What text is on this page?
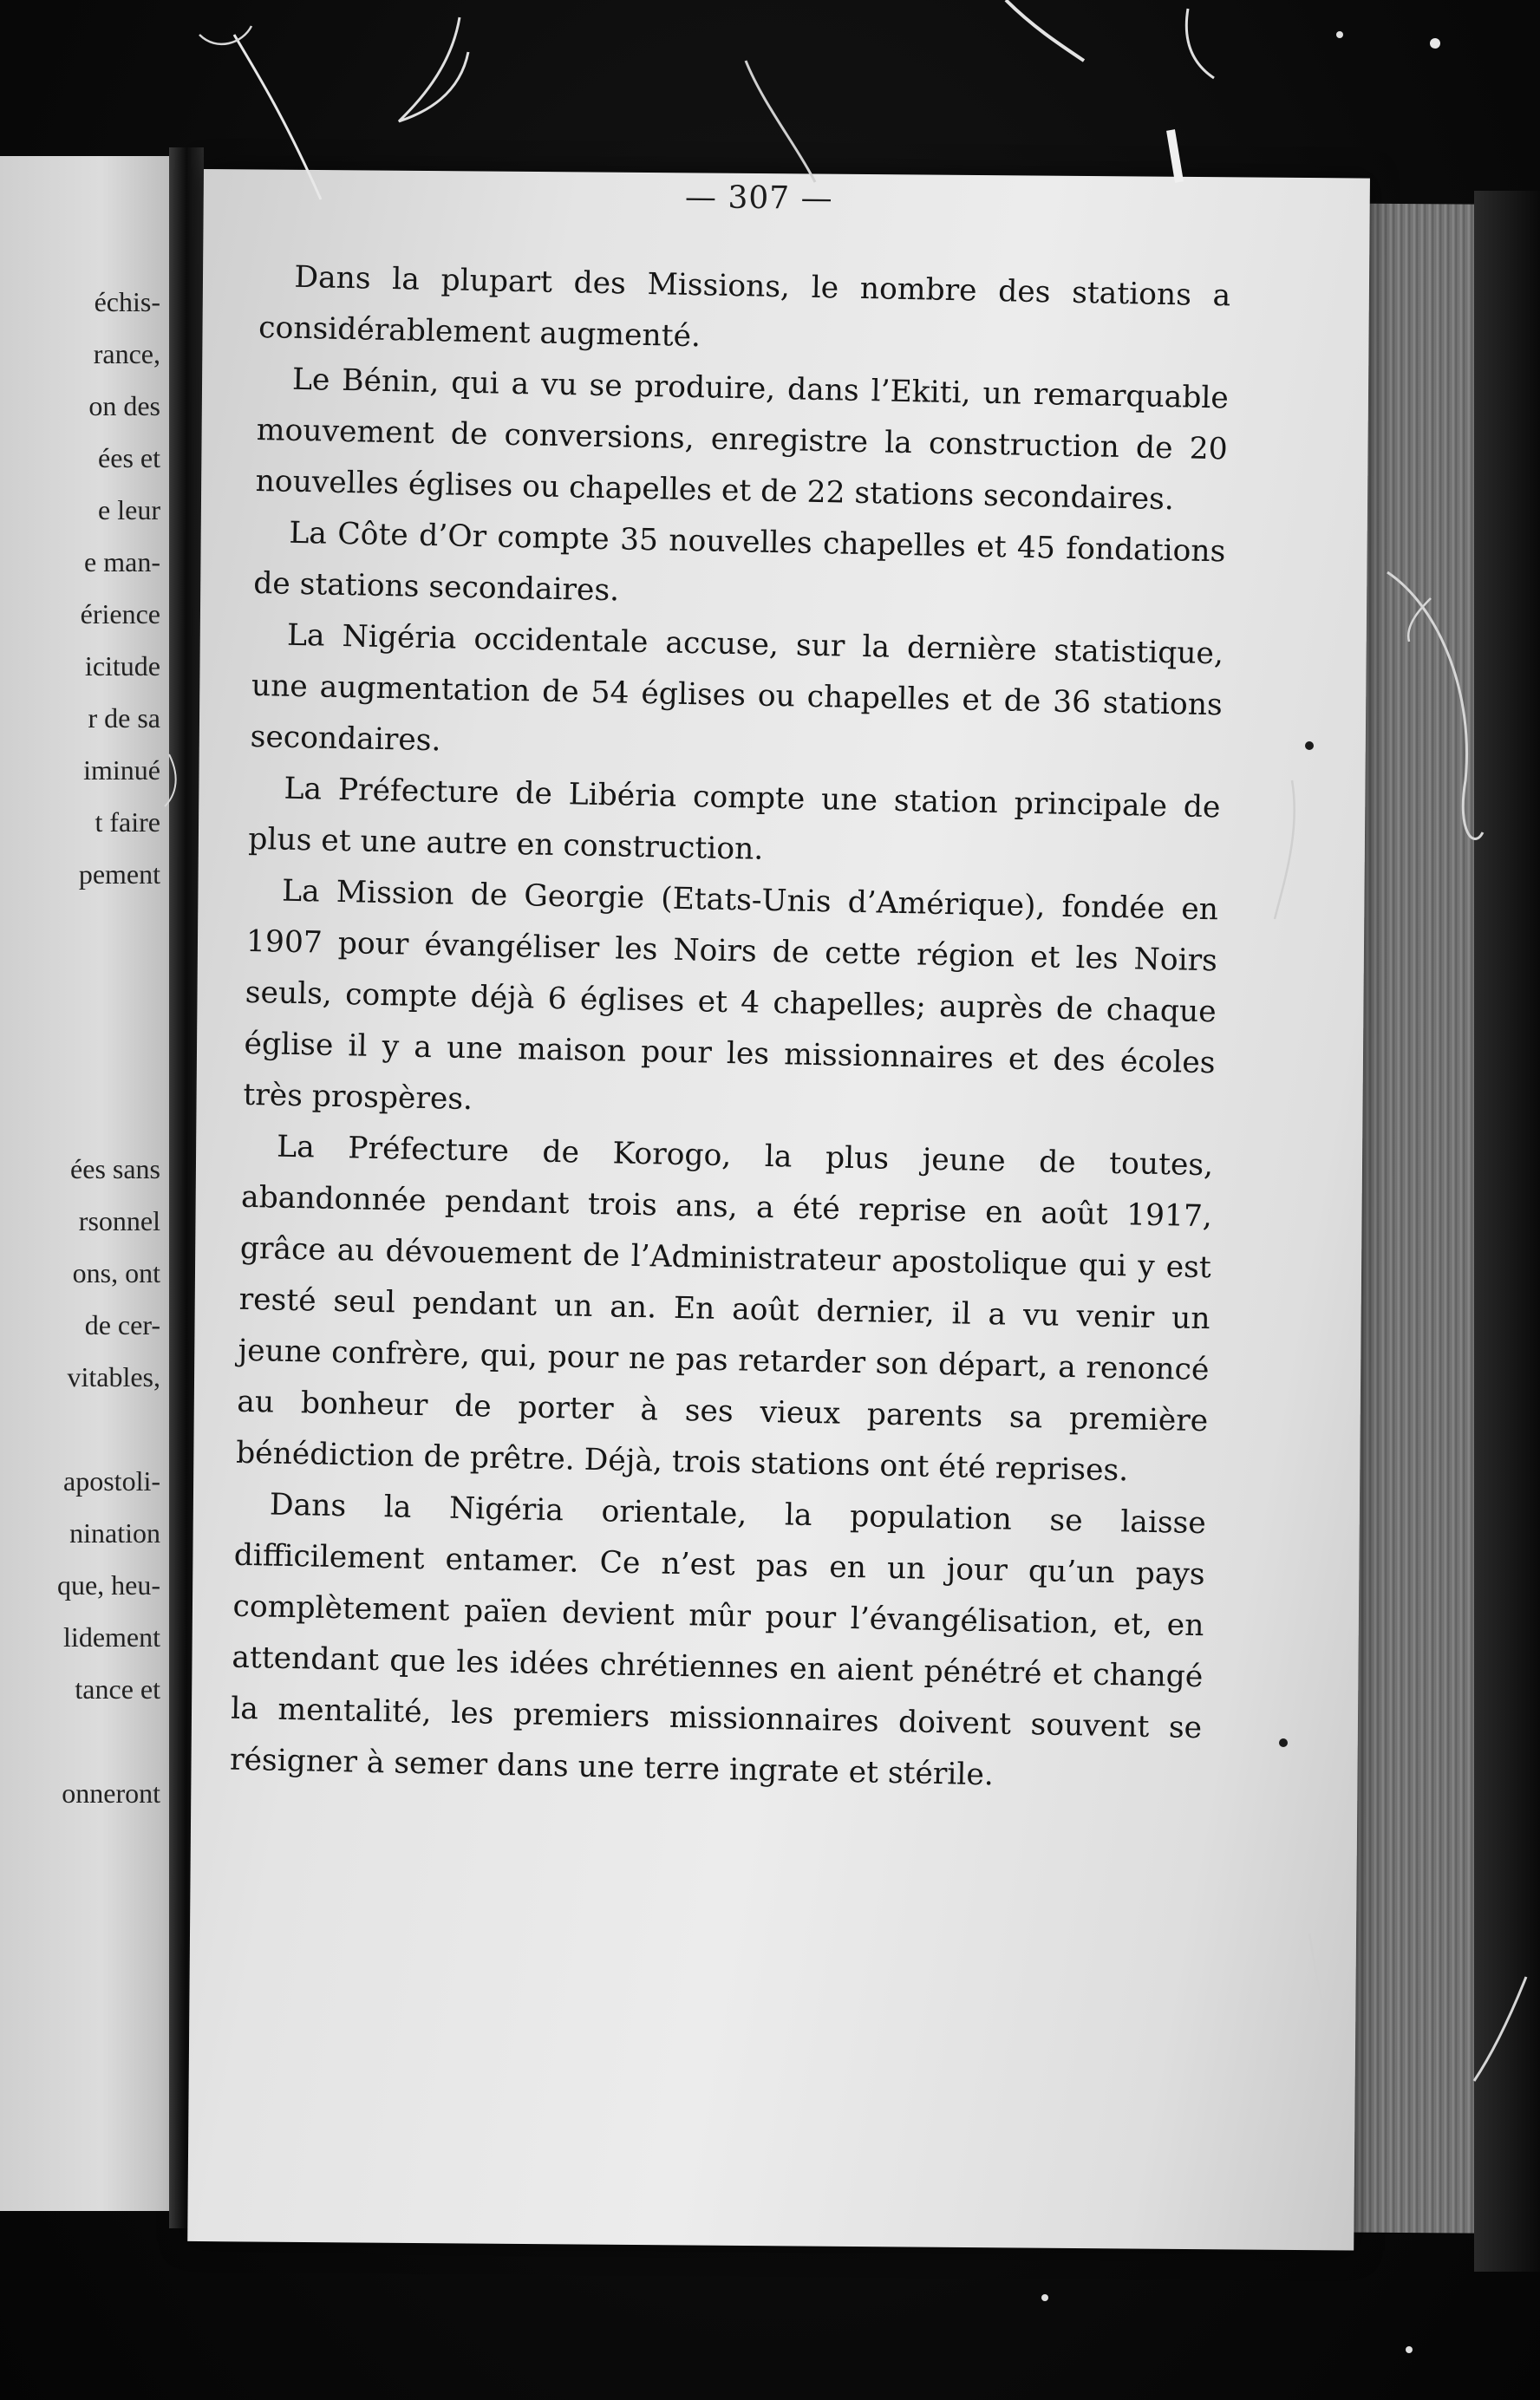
échis-
rance,
on des
ées et
e leur
e man-
érience
icitude
r de sa
iminué
t faire
pement
ées sans
rsonnel
ons, ont
de cer-
vitables,
apostoli-
nination
que, heu-
lidement
tance et
onneront
— 307 —

Dans la plupart des Missions, le nombre des stations a considérablement augmenté.

Le Bénin, qui a vu se produire, dans l’Ekiti, un remarquable mouvement de conversions, enregistre la construction de 20 nouvelles églises ou chapelles et de 22 stations secondaires.

La Côte d’Or compte 35 nouvelles chapelles et 45 fondations de stations secondaires.

La Nigéria occidentale accuse, sur la dernière statistique, une augmentation de 54 églises ou chapelles et de 36 stations secondaires.

La Préfecture de Libéria compte une station principale de plus et une autre en construction.

La Mission de Georgie (Etats-Unis d’Amérique), fondée en 1907 pour évangéliser les Noirs de cette région et les Noirs seuls, compte déjà 6 églises et 4 chapelles; auprès de chaque église il y a une maison pour les missionnaires et des écoles très prospères.

La Préfecture de Korogo, la plus jeune de toutes, abandonnée pendant trois ans, a été reprise en août 1917, grâce au dévouement de l’Administrateur apostolique qui y est resté seul pendant un an. En août dernier, il a vu venir un jeune confrère, qui, pour ne pas retarder son départ, a renoncé au bonheur de porter à ses vieux parents sa première bénédiction de prêtre. Déjà, trois stations ont été reprises.

Dans la Nigéria orientale, la population se laisse difficilement entamer. Ce n’est pas en un jour qu’un pays complètement païen devient mûr pour l’évangélisation, et, en attendant que les idées chrétiennes en aient pénétré et changé la mentalité, les premiers missionnaires doivent souvent se résigner à semer dans une terre ingrate et stérile.
